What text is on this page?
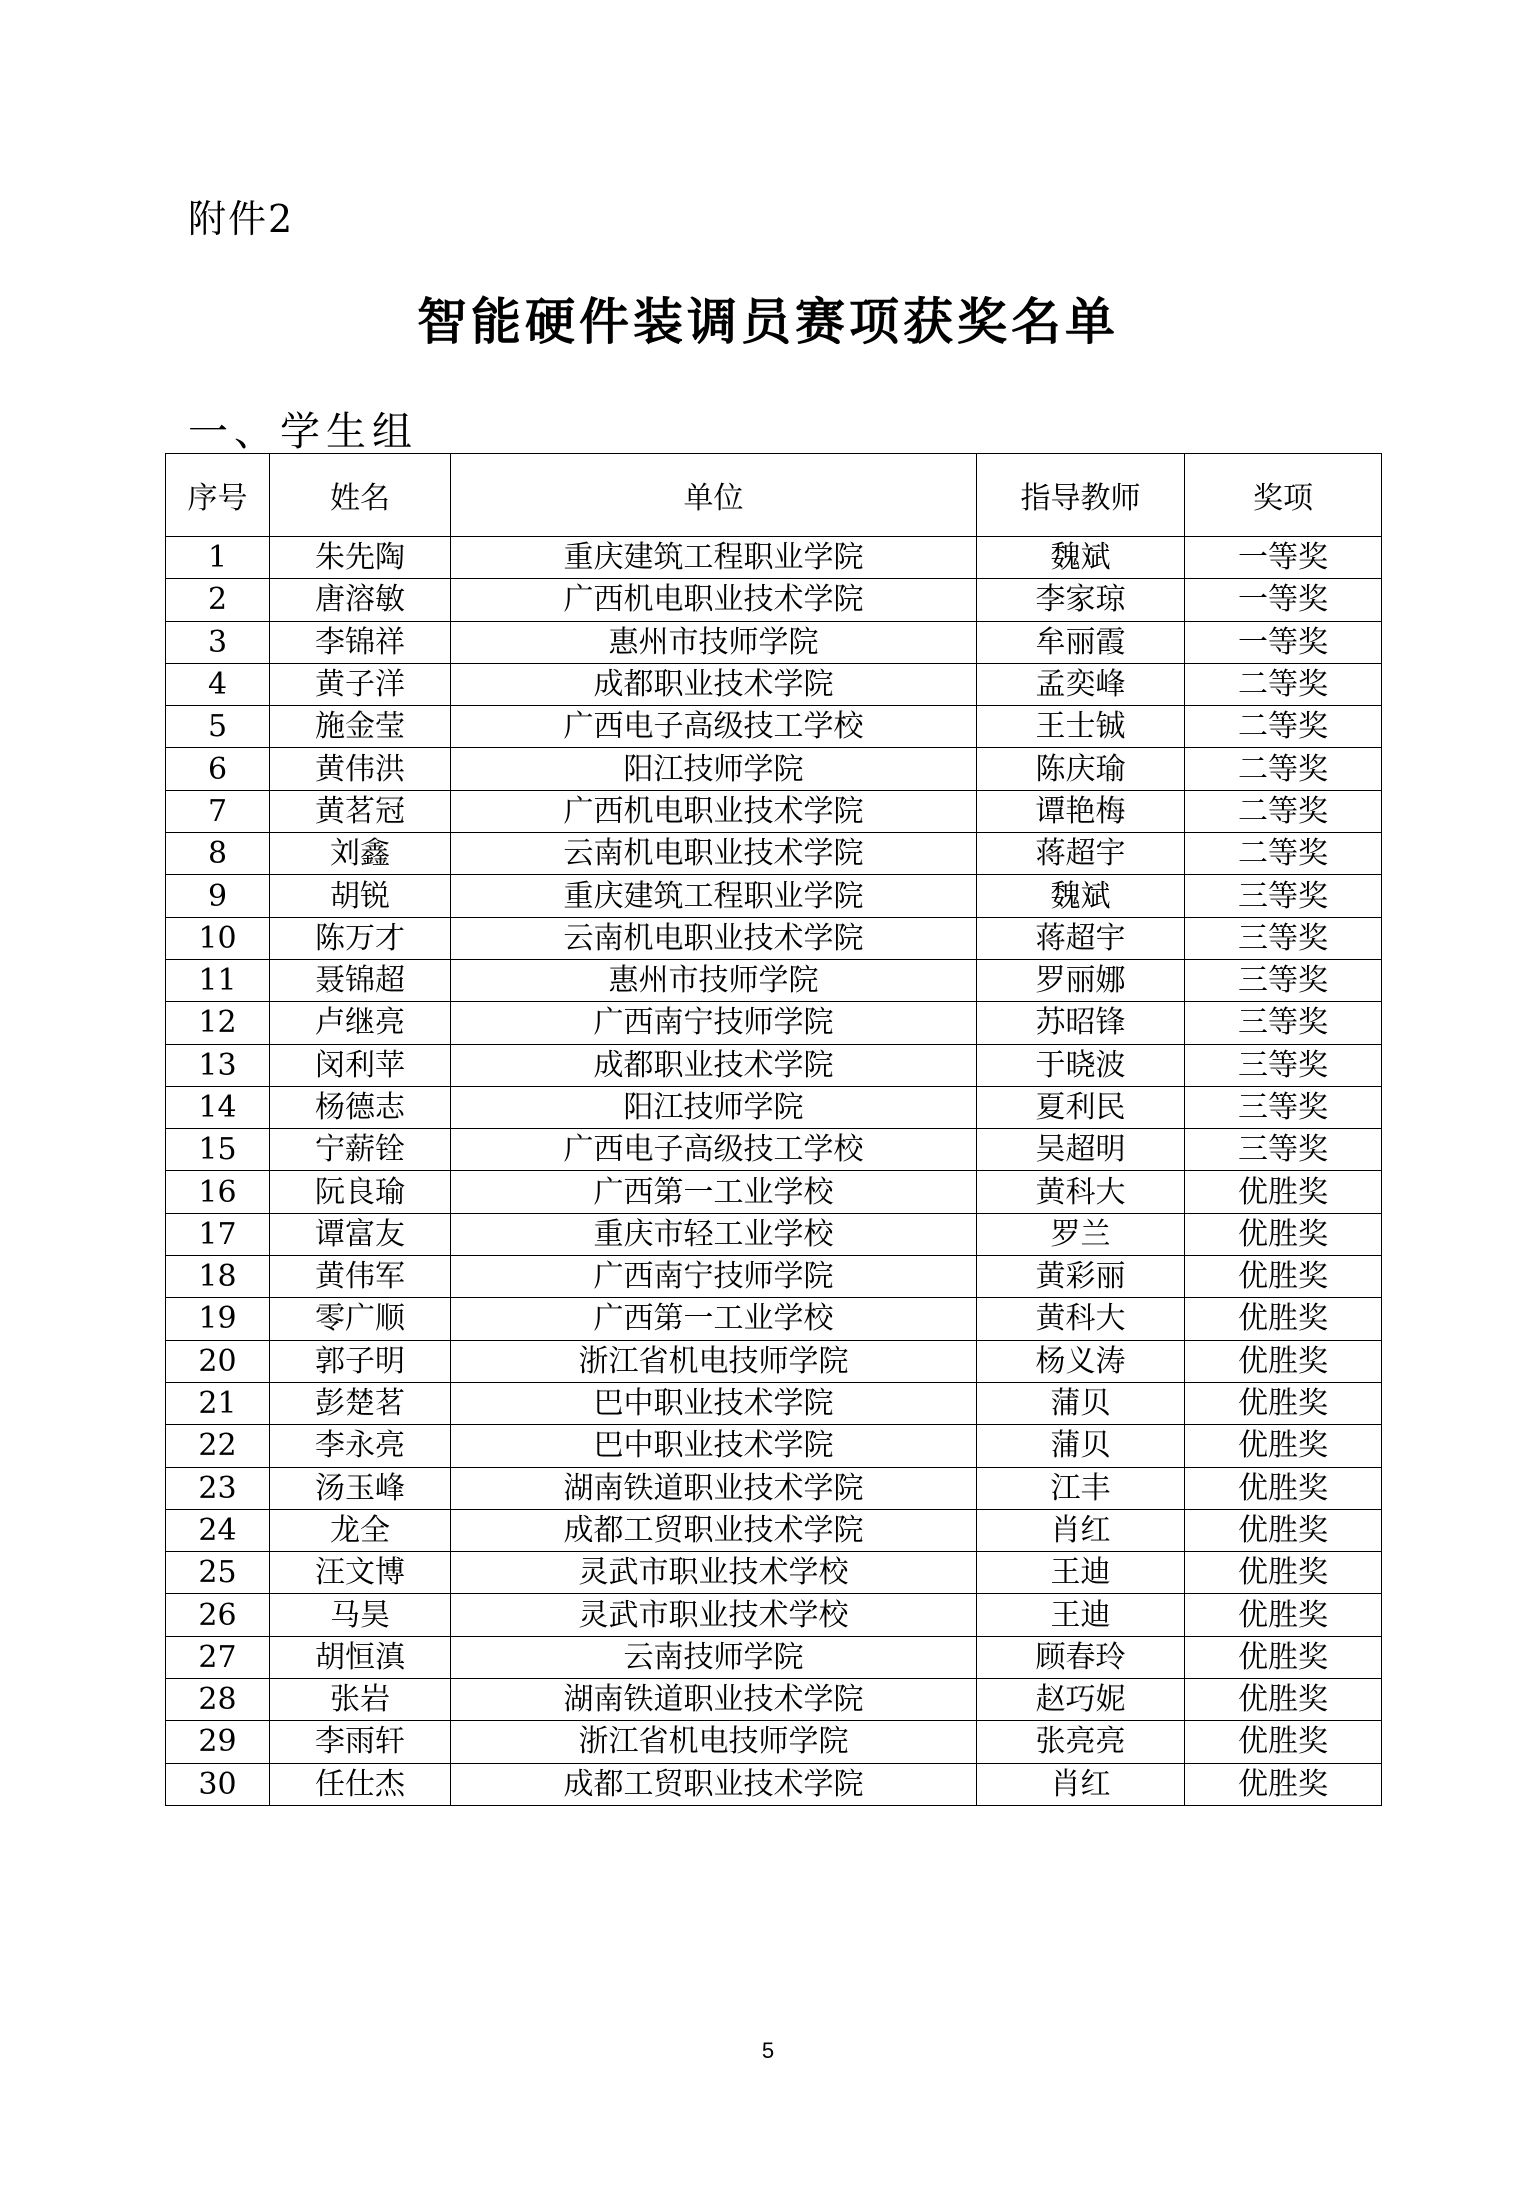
附件2
智能硬件装调员赛项获奖名单
一、学生组
序号	姓名	单位	指导教师	奖项
1	朱先陶	重庆建筑工程职业学院	魏斌	一等奖
2	唐溶敏	广西机电职业技术学院	李家琼	一等奖
3	李锦祥	惠州市技师学院	牟丽霞	一等奖
4	黄子洋	成都职业技术学院	孟奕峰	二等奖
5	施金莹	广西电子高级技工学校	王士铖	二等奖
6	黄伟洪	阳江技师学院	陈庆瑜	二等奖
7	黄茗冠	广西机电职业技术学院	谭艳梅	二等奖
8	刘鑫	云南机电职业技术学院	蒋超宇	二等奖
9	胡锐	重庆建筑工程职业学院	魏斌	三等奖
10	陈万才	云南机电职业技术学院	蒋超宇	三等奖
11	聂锦超	惠州市技师学院	罗丽娜	三等奖
12	卢继亮	广西南宁技师学院	苏昭锋	三等奖
13	闵利苹	成都职业技术学院	于晓波	三等奖
14	杨德志	阳江技师学院	夏利民	三等奖
15	宁薪铨	广西电子高级技工学校	吴超明	三等奖
16	阮良瑜	广西第一工业学校	黄科大	优胜奖
17	谭富友	重庆市轻工业学校	罗兰	优胜奖
18	黄伟军	广西南宁技师学院	黄彩丽	优胜奖
19	零广顺	广西第一工业学校	黄科大	优胜奖
20	郭子明	浙江省机电技师学院	杨义涛	优胜奖
21	彭楚茗	巴中职业技术学院	蒲贝	优胜奖
22	李永亮	巴中职业技术学院	蒲贝	优胜奖
23	汤玉峰	湖南铁道职业技术学院	江丰	优胜奖
24	龙全	成都工贸职业技术学院	肖红	优胜奖
25	汪文博	灵武市职业技术学校	王迪	优胜奖
26	马昊	灵武市职业技术学校	王迪	优胜奖
27	胡恒滇	云南技师学院	顾春玲	优胜奖
28	张岩	湖南铁道职业技术学院	赵巧妮	优胜奖
29	李雨轩	浙江省机电技师学院	张亮亮	优胜奖
30	任仕杰	成都工贸职业技术学院	肖红	优胜奖
5
